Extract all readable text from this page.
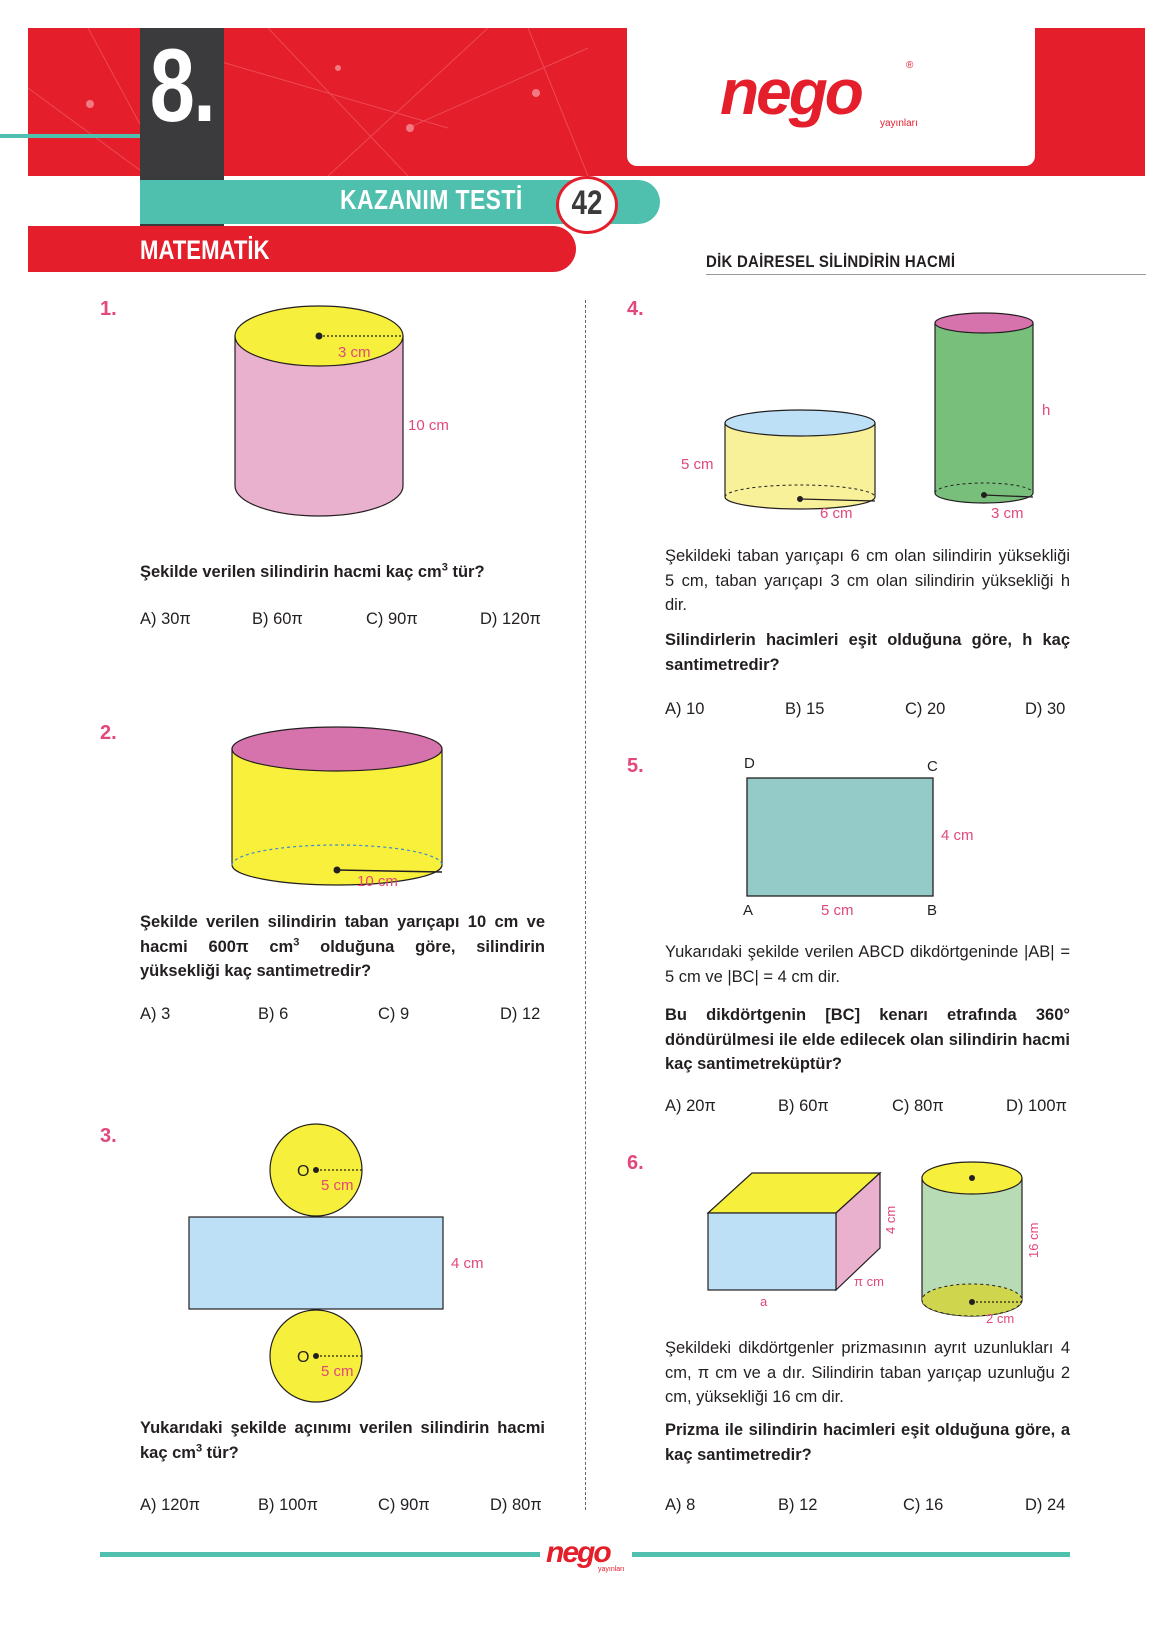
8.	nego	®
yayınları
KAZANIM TESTİ 42
MATEMATİK	DİK DAİRESEL SİLİNDİRİN HACMİ
1.
3 cm
10 cm
Şekilde verilen silindirin hacmi kaç $cm^3$ tür?
A) 30π	B) 60π	C) 90π	D) 120π
2.
10 cm
Şekilde verilen silindirin taban yarıçapı 10 cm ve hacmi 600π $cm^3$ olduğuna göre, silindirin yüksekliği kaç santimetredir?
A) 3	B) 6	C) 9	D) 12
3.
O
5 cm
4 cm
O
5 cm
Yukarıdaki şekilde açınımı verilen silindirin hacmi kaç $cm^3$ tür?
A) 120π	B) 100π	C) 90π	D) 80π
4.
5 cm
6 cm
h
3 cm
Şekildeki taban yarıçapı 6 cm olan silindirin yüksekliği 5 cm, taban yarıçapı 3 cm olan silindirin yüksekliği h dir.
Silindirlerin hacimleri eşit olduğuna göre, h kaç santimetredir?
A) 10	B) 15	C) 20	D) 30
5.	D	C
A	B
5 cm
4 cm
Yukarıdaki şekilde verilen ABCD dikdörtgeninde |AB| = 5 cm ve |BC| = 4 cm dir.
Bu dikdörtgenin [BC] kenarı etrafında 360° döndürülmesi ile elde edilecek olan silindirin hacmi kaç santimetreküptür?
A) 20π	B) 60π	C) 80π	D) 100π
6.
4 cm
π cm
a
16 cm
2 cm
Şekildeki dikdörtgenler prizmasının ayrıt uzunlukları 4 cm, π cm ve a dır. Silindirin taban yarıçap uzunluğu 2 cm, yüksekliği 16 cm dir.
Prizma ile silindirin hacimleri eşit olduğuna göre, a kaç santimetredir?
A) 8	B) 12	C) 16	D) 24
nego
yayınları
